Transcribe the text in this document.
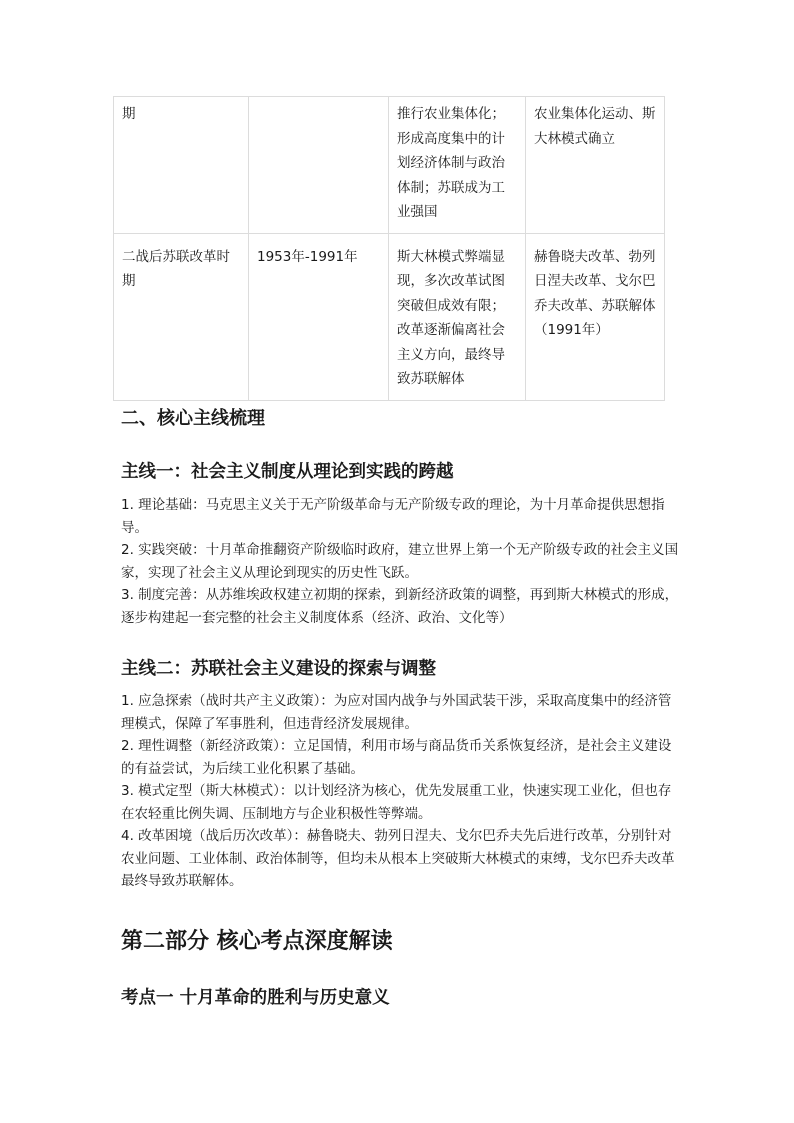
期		推行农业集体化；形成高度集中的计划经济体制与政治体制；苏联成为工业强国	农业集体化运动、斯大林模式确立
二战后苏联改革时期	1953年-1991年	斯大林模式弊端显现，多次改革试图突破但成效有限；改革逐渐偏离社会主义方向，最终导致苏联解体	赫鲁晓夫改革、勃列日涅夫改革、戈尔巴乔夫改革、苏联解体（1991年）
二、核心主线梳理
主线一：社会主义制度从理论到实践的跨越
1. 理论基础：马克思主义关于无产阶级革命与无产阶级专政的理论，为十月革命提供思想指导。
2. 实践突破：十月革命推翻资产阶级临时政府，建立世界上第一个无产阶级专政的社会主义国家，实现了社会主义从理论到现实的历史性飞跃。
3. 制度完善：从苏维埃政权建立初期的探索，到新经济政策的调整，再到斯大林模式的形成，逐步构建起一套完整的社会主义制度体系（经济、政治、文化等）
主线二：苏联社会主义建设的探索与调整
1. 应急探索（战时共产主义政策）：为应对国内战争与外国武装干涉，采取高度集中的经济管理模式，保障了军事胜利，但违背经济发展规律。
2. 理性调整（新经济政策）：立足国情，利用市场与商品货币关系恢复经济，是社会主义建设的有益尝试，为后续工业化积累了基础。
3. 模式定型（斯大林模式）：以计划经济为核心，优先发展重工业，快速实现工业化，但也存在农轻重比例失调、压制地方与企业积极性等弊端。
4. 改革困境（战后历次改革）：赫鲁晓夫、勃列日涅夫、戈尔巴乔夫先后进行改革，分别针对农业问题、工业体制、政治体制等，但均未从根本上突破斯大林模式的束缚，戈尔巴乔夫改革最终导致苏联解体。
第二部分 核心考点深度解读
考点一 十月革命的胜利与历史意义
